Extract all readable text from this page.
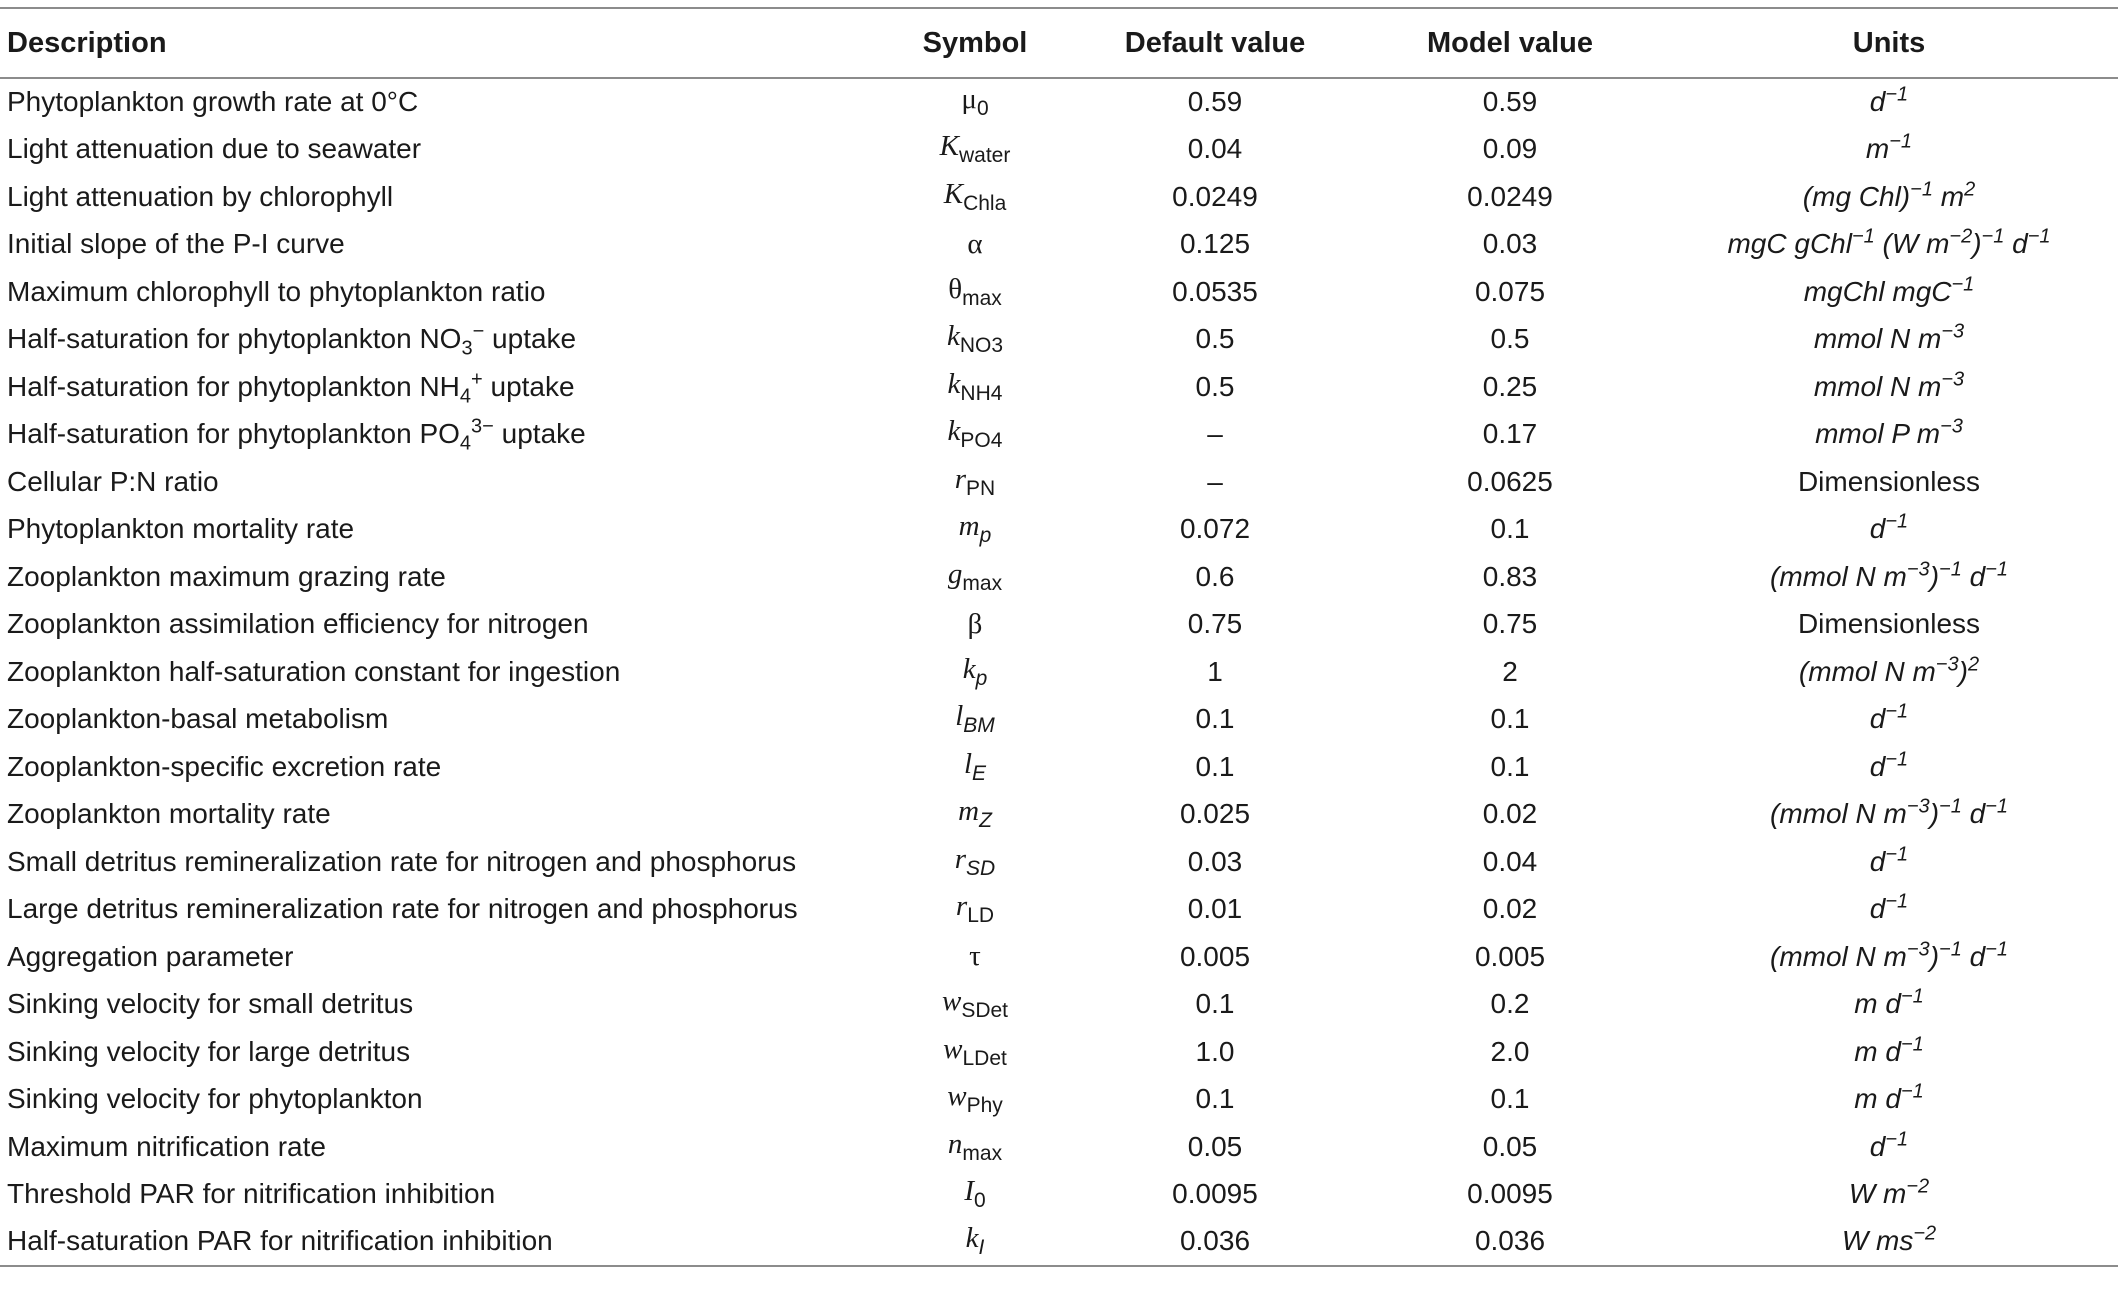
Description	Symbol	Default value	Model value	Units
Phytoplankton growth rate at 0°C	$\mu_0$	0.59	0.59	$d^{-1}$
Light attenuation due to seawater	$K_{water}$	0.04	0.09	$m^{-1}$
Light attenuation by chlorophyll	$K_{Chla}$	0.0249	0.0249	(mg Chl)$^{-1}$ $m^2$
Initial slope of the P-I curve	α	0.125	0.03	mgC gChl$^{-1}$ (W $m^{-2})^{-1}$ $d^{-1}$
Maximum chlorophyll to phytoplankton ratio	$\theta_{max}$	0.0535	0.075	mgChl mgC$^{-1}$
Half-saturation for phytoplankton $NO_3^-$ uptake	$k_{NO3}$	0.5	0.5	mmol N $m^{-3}$
Half-saturation for phytoplankton $NH_4^+$ uptake	$k_{NH4}$	0.5	0.25	mmol N $m^{-3}$
Half-saturation for phytoplankton $PO_4^{3-}$ uptake	$k_{PO4}$	–	0.17	mmol P $m^{-3}$
Cellular P:N ratio	$r_{PN}$	–	0.0625	Dimensionless
Phytoplankton mortality rate	$m_p$	0.072	0.1	$d^{-1}$
Zooplankton maximum grazing rate	$g_{max}$	0.6	0.83	(mmol N $m^{-3})^{-1}$ $d^{-1}$
Zooplankton assimilation efficiency for nitrogen	β	0.75	0.75	Dimensionless
Zooplankton half-saturation constant for ingestion	$k_p$	1	2	(mmol N $m^{-3})^2$
Zooplankton-basal metabolism	$l_{BM}$	0.1	0.1	$d^{-1}$
Zooplankton-specific excretion rate	$l_E$	0.1	0.1	$d^{-1}$
Zooplankton mortality rate	$m_Z$	0.025	0.02	(mmol N $m^{-3})^{-1}$ $d^{-1}$
Small detritus remineralization rate for nitrogen and phosphorus	$r_{SD}$	0.03	0.04	$d^{-1}$
Large detritus remineralization rate for nitrogen and phosphorus	$r_{LD}$	0.01	0.02	$d^{-1}$
Aggregation parameter	τ	0.005	0.005	(mmol N $m^{-3})^{-1}$ $d^{-1}$
Sinking velocity for small detritus	$w_{SDet}$	0.1	0.2	m $d^{-1}$
Sinking velocity for large detritus	$w_{LDet}$	1.0	2.0	m $d^{-1}$
Sinking velocity for phytoplankton	$w_{Phy}$	0.1	0.1	m $d^{-1}$
Maximum nitrification rate	$n_{max}$	0.05	0.05	$d^{-1}$
Threshold PAR for nitrification inhibition	$I_0$	0.0095	0.0095	W $m^{-2}$
Half-saturation PAR for nitrification inhibition	$k_I$	0.036	0.036	W $ms^{-2}$
